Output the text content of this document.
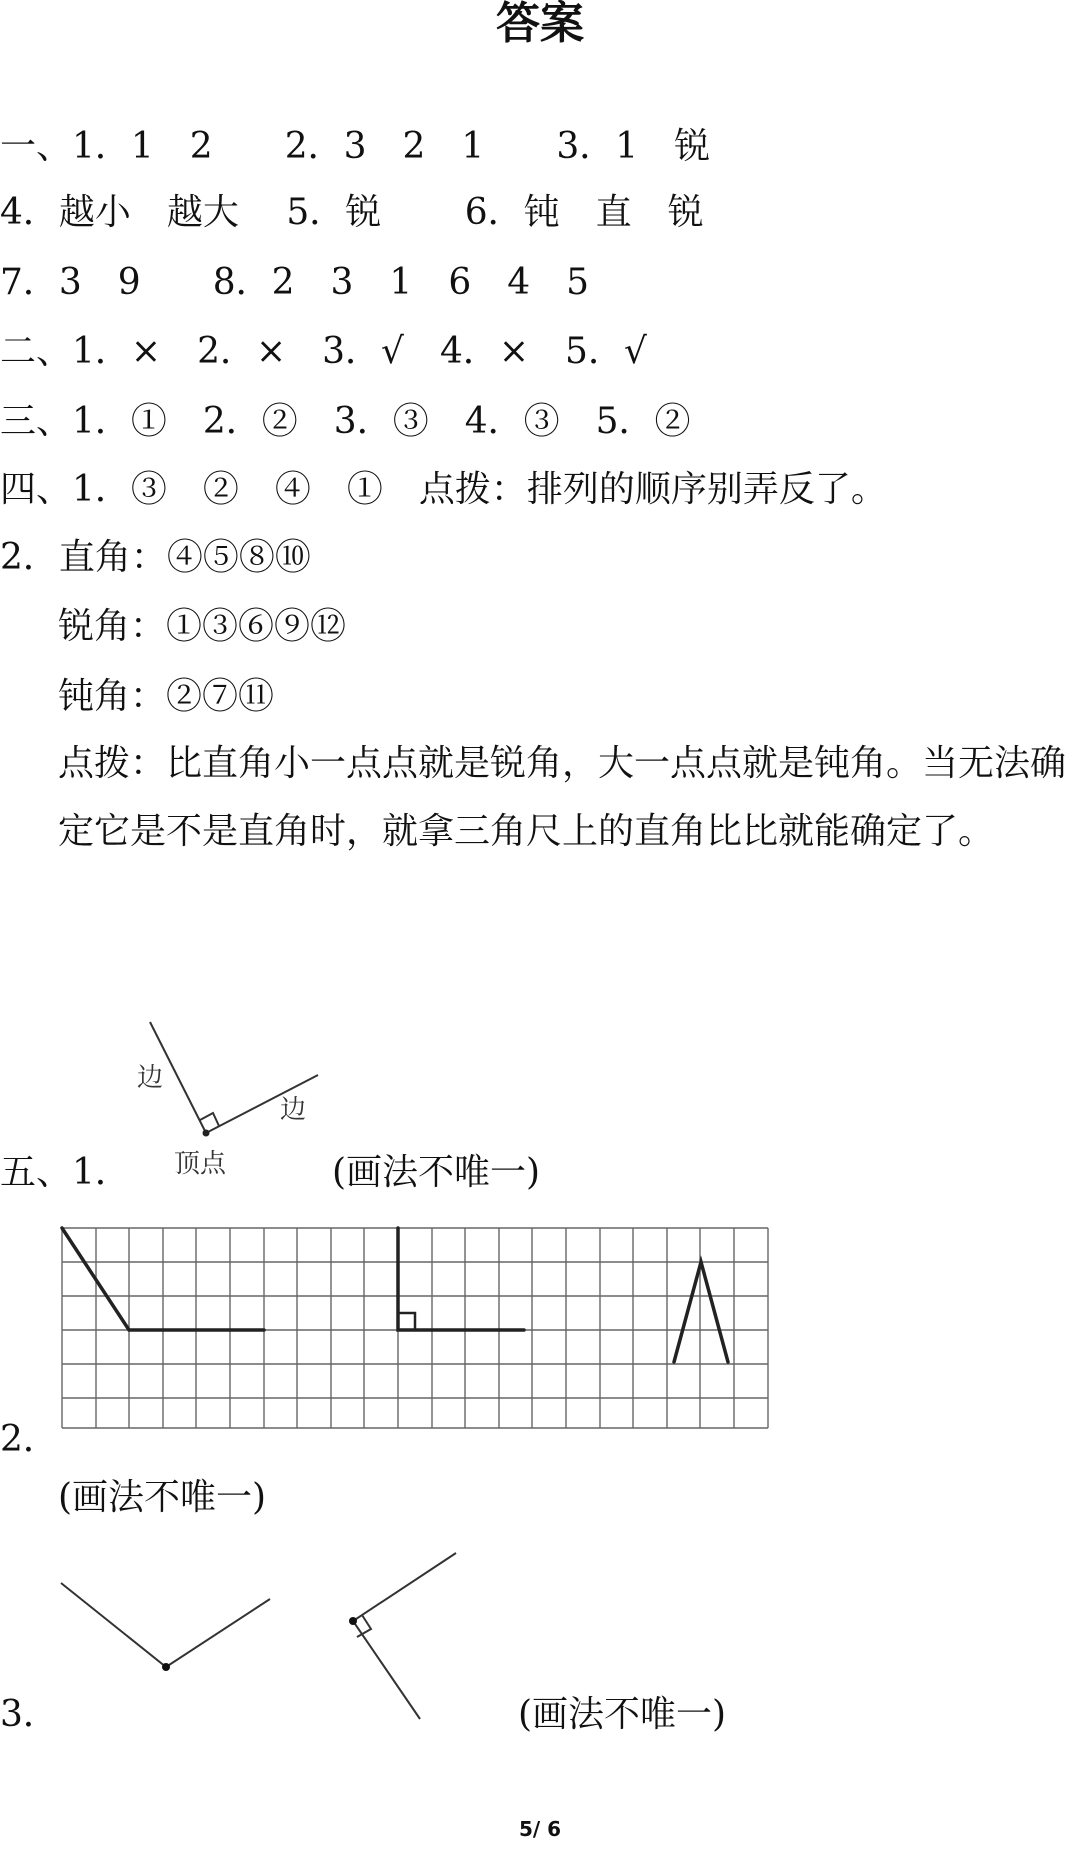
答案
一、1．1　2　　2．3　2　1　　3．1　锐
4．越小　越大　 5．锐　　 6．钝　直　锐
7．3　9　　8．2　3　1　6　4　5
二、1．×　2．×　3．√　4．×　5．√
三、1．①　2．②　3．③　4．③　5．②
四、1．③　②　④　①　点拨：排列的顺序别弄反了。
2．直角：④⑤⑧⑩
锐角：①③⑥⑨⑫
钝角：②⑦⑪
点拨：比直角小一点点就是锐角，大一点点就是钝角。当无法确
定它是不是直角时，就拿三角尺上的直角比比就能确定了。
边
边
顶点
五、1．	(画法不唯一)
2．
(画法不唯一)
3．	(画法不唯一)
5/ 6
